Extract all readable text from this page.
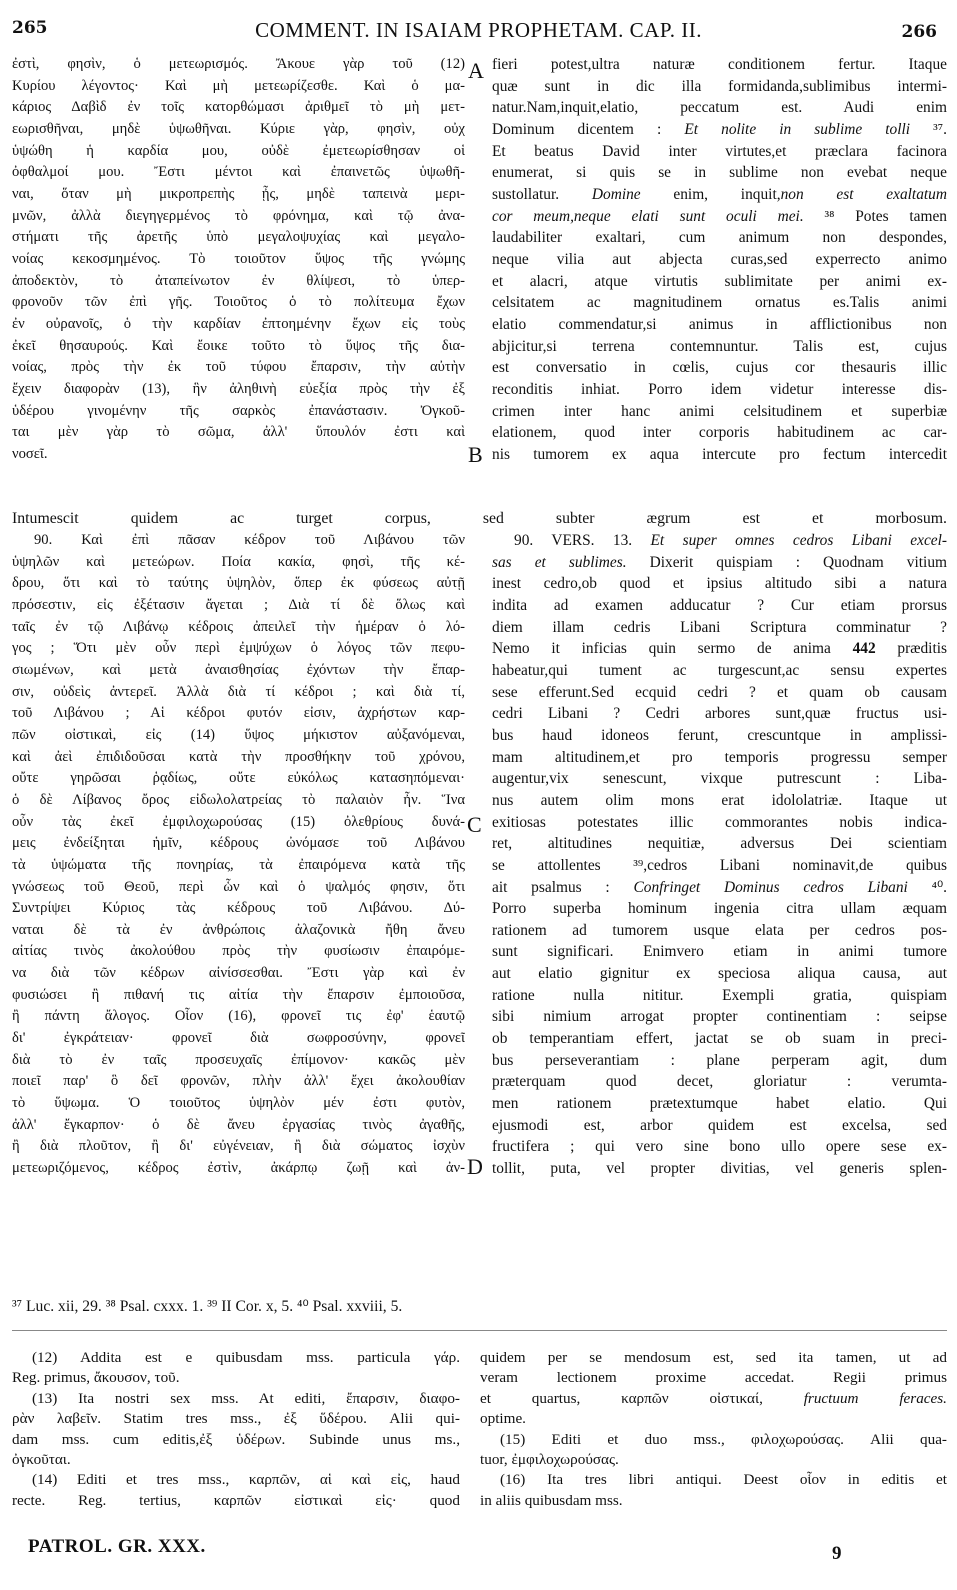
265	COMMENT. IN ISAIAM PROPHETAM. CAP. II.	266
ἐστὶ, φησὶν, ὁ μετεωρισμός. Ἄκουε γὰρ τοῦ (12)
Κυρίου λέγοντος· Καὶ μὴ μετεωρίζεσθε. Καὶ ὁ μα-
κάριος Δαβὶδ ἐν τοῖς κατορθώμασι ἀριθμεῖ τὸ μὴ μετ-
εωρισθῆναι, μηδὲ ὑψωθῆναι. Κύριε γὰρ, φησὶν, οὐχ
ὑψώθη ἡ καρδία μου, οὐδὲ ἐμετεωρίσθησαν οἱ
ὀφθαλμοί μου. Ἔστι μέντοι καὶ ἐπαινετῶς ὑψωθῆ-
ναι, ὅταν μὴ μικροπρεπὴς ᾖς, μηδὲ ταπεινὰ μερι-
μνῶν, ἀλλὰ διεγηγερμένος τὸ φρόνημα, καὶ τῷ ἀνα-
στήματι τῆς ἀρετῆς ὑπὸ μεγαλοψυχίας καὶ μεγαλο-
νοίας κεκοσμημένος. Τὸ τοιοῦτον ὕψος τῆς γνώμης
ἀποδεκτὸν, τὸ ἀταπείνωτον ἐν θλίψεσι, τὸ ὑπερ-
φρονοῦν τῶν ἐπὶ γῆς. Τοιοῦτος ὁ τὸ πολίτευμα ἔχων
ἐν οὐρανοῖς, ὁ τὴν καρδίαν ἐπτοημένην ἔχων εἰς τοὺς
ἐκεῖ θησαυρούς. Καὶ ἔοικε τοῦτο τὸ ὕψος τῆς δια-
νοίας, πρὸς τὴν ἐκ τοῦ τύφου ἔπαρσιν, τὴν αὐτὴν
ἔχειν διαφορὰν (13), ἣν ἀληθινὴ εὐεξία πρὸς τὴν ἐξ
ὑδέρου γινομένην τῆς σαρκὸς ἐπανάστασιν. Ὀγκοῦ-
ται μὲν γὰρ τὸ σῶμα, ἀλλ' ὕπουλόν ἐστι καὶ
νοσεῖ.
fieri potest,ultra naturæ conditionem fertur. Itaque
quæ sunt in dic illa formidanda,sublimibus intermi-
natur.Nam,inquit,elatio, peccatum est. Audi enim
Dominum dicentem : Et nolite in sublime tolli ³⁷.
Et beatus David inter virtutes,et præclara facinora
enumerat, si quis se in sublime non evebat neque
sustollatur. Domine enim, inquit,non est exaltatum
cor meum,neque elati sunt oculi mei. ³⁸ Potes tamen
laudabiliter exaltari, cum animum non despondes,
neque vilia aut abjecta curas,sed experrecto animo
et alacri, atque virtutis sublimitate per animi ex-
celsitatem ac magnitudinem ornatus es.Talis animi
elatio commendatur,si animus in afflictionibus non
abjicitur,si terrena contemnuntur. Talis est, cujus
est conversatio in cœlis, cujus cor thesauris illic
reconditis inhiat. Porro idem videtur interesse dis-
crimen inter hanc animi celsitudinem et superbiæ
elationem, quod inter corporis habitudinem ac car-
nis tumorem ex aqua intercute pro fectum intercedit
A
B
C
D
Intumescit quidem ac turget corpus, sed subter ægrum est et morbosum.
90. Καὶ ἐπὶ πᾶσαν κέδρον τοῦ Λιβάνου τῶν
ὑψηλῶν καὶ μετεώρων. Ποία κακία, φησὶ, τῆς κέ-
δρου, ὅτι καὶ τὸ ταύτης ὑψηλὸν, ὅπερ ἐκ φύσεως αὐτῇ
πρόσεστιν, εἰς ἐξέτασιν ἄγεται ; Διὰ τί δὲ ὅλως καὶ
ταῖς ἐν τῷ Λιβάνῳ κέδροις ἀπειλεῖ τὴν ἡμέραν ὁ λό-
γος ; Ὅτι μὲν οὖν περὶ ἐμψύχων ὁ λόγος τῶν πεφυ-
σιωμένων, καὶ μετὰ ἀναισθησίας ἐχόντων τὴν ἔπαρ-
σιν, οὐδεὶς ἀντερεῖ. Ἀλλὰ διὰ τί κέδροι ; καὶ διὰ τί,
τοῦ Λιβάνου ; Αἱ κέδροι φυτόν εἰσιν, ἀχρήστων καρ-
πῶν οἰστικαὶ, εἰς (14) ὕψος μήκιστον αὐξανόμεναι,
καὶ ἀεὶ ἐπιδιδοῦσαι κατὰ τὴν προσθήκην τοῦ χρόνου,
οὔτε γηρῶσαι ῥᾳδίως, οὔτε εὐκόλως κατασηπόμεναι·
ὁ δὲ Λίβανος ὄρος εἰδωλολατρείας τὸ παλαιὸν ἦν. Ἵνα
οὖν τὰς ἐκεῖ ἐμφιλοχωρούσας (15) ὀλεθρίους δυνά-
μεις ἐνδείξηται ἡμῖν, κέδρους ὠνόμασε τοῦ Λιβάνου
τὰ ὑψώματα τῆς πονηρίας, τὰ ἐπαιρόμενα κατὰ τῆς
γνώσεως τοῦ Θεοῦ, περὶ ὧν καὶ ὁ ψαλμός φησιν, ὅτι
Συντρίψει Κύριος τὰς κέδρους τοῦ Λιβάνου. Δύ-
ναται δὲ τὰ ἐν ἀνθρώποις ἀλαζονικὰ ἤθη ἄνευ
αἰτίας τινὸς ἀκολούθου πρὸς τὴν φυσίωσιν ἐπαιρόμε-
να διὰ τῶν κέδρων αἰνίσσεσθαι. Ἔστι γὰρ καὶ ἐν
φυσιώσει ἢ πιθανή τις αἰτία τὴν ἔπαρσιν ἐμποιοῦσα,
ἢ πάντη ἄλογος. Οἷον (16), φρονεῖ τις ἐφ' ἑαυτῷ
δι' ἐγκράτειαν· φρονεῖ διὰ σωφροσύνην, φρονεῖ
διὰ τὸ ἐν ταῖς προσευχαῖς ἐπίμονον· κακῶς μὲν
ποιεῖ παρ' ὃ δεῖ φρονῶν, πλὴν ἀλλ' ἔχει ἀκολουθίαν
τὸ ὕψωμα. Ὁ τοιοῦτος ὑψηλὸν μέν ἐστι φυτὸν,
ἀλλ' ἔγκαρπον· ὁ δὲ ἄνευ ἐργασίας τινὸς ἀγαθῆς,
ἢ διὰ πλοῦτον, ἢ δι' εὐγένειαν, ἢ διὰ σώματος ἰσχὺν
μετεωριζόμενος, κέδρος ἐστὶν, ἀκάρπῳ ζωῇ καὶ ἀν-
90. VERS. 13. Et super omnes cedros Libani excel-
sas et sublimes. Dixerit quispiam : Quodnam vitium
inest cedro,ob quod et ipsius altitudo sibi a natura
indita ad examen adducatur ? Cur etiam prorsus
diem illam cedris Libani Scriptura comminatur ?
Nemo it inficias quin sermo de anima 442 præditis
habeatur,qui tument ac turgescunt,ac sensu expertes
sese efferunt.Sed ecquid cedri ? et quam ob causam
cedri Libani ? Cedri arbores sunt,quæ fructus usi-
bus haud idoneos ferunt, crescuntque in amplissi-
mam altitudinem,et pro temporis progressu semper
augentur,vix senescunt, vixque putrescunt : Liba-
nus autem olim mons erat idololatriæ. Itaque ut
exitiosas potestates illic commorantes nobis indica-
ret, altitudines nequitiæ, adversus Dei scientiam
se attollentes ³⁹,cedros Libani nominavit,de quibus
ait psalmus : Confringet Dominus cedros Libani ⁴⁰.
Porro superba hominum ingenia citra ullam æquam
rationem ad tumorem usque elata per cedros pos-
sunt significari. Enimvero etiam in animi tumore
aut elatio gignitur ex speciosa aliqua causa, aut
ratione nulla nititur. Exempli gratia, quispiam
sibi nimium arrogat propter continentiam : seipse
ob temperantiam effert, jactat se ob suam in preci-
bus perseverantiam : plane perperam agit, dum
præterquam quod decet, gloriatur : verumta-
men rationem prætextumque habet elatio. Qui
ejusmodi est, arbor quidem est excelsa, sed
fructifera ; qui vero sine bono ullo opere sese ex-
tollit, puta, vel propter divitias, vel generis splen-
³⁷ Luc. xii, 29. ³⁸ Psal. cxxx. 1. ³⁹ II Cor. x, 5. ⁴⁰ Psal. xxviii, 5.
(12) Addita est e quibusdam mss. particula γάρ.
Reg. primus, ἄκουσον, τοῦ.
(13) Ita nostri sex mss. At editi, ἔπαρσιν, διαφο-
ρὰν λαβεῖν. Statim tres mss., ἐξ ὕδέρου. Alii qui-
dam mss. cum editis,ἐξ ὑδέρων. Subinde unus ms.,
ὀγκοῦται.
(14) Editi et tres mss., καρπῶν, αἱ καὶ εἰς, haud
recte. Reg. tertius, καρπῶν εἰστικαὶ εἰς· quod
quidem per se mendosum est, sed ita tamen, ut ad
veram lectionem proxime accedat. Regii primus
et quartus, καρπῶν οἰστικαί, fructuum feraces.
optime.
(15) Editi et duo mss., φιλοχωρούσας. Alii qua-
tuor, ἐμφιλοχωρούσας.
(16) Ita tres libri antiqui. Deest οἷον in editis et
in aliis quibusdam mss.
PATROL. GR. XXX.	9
